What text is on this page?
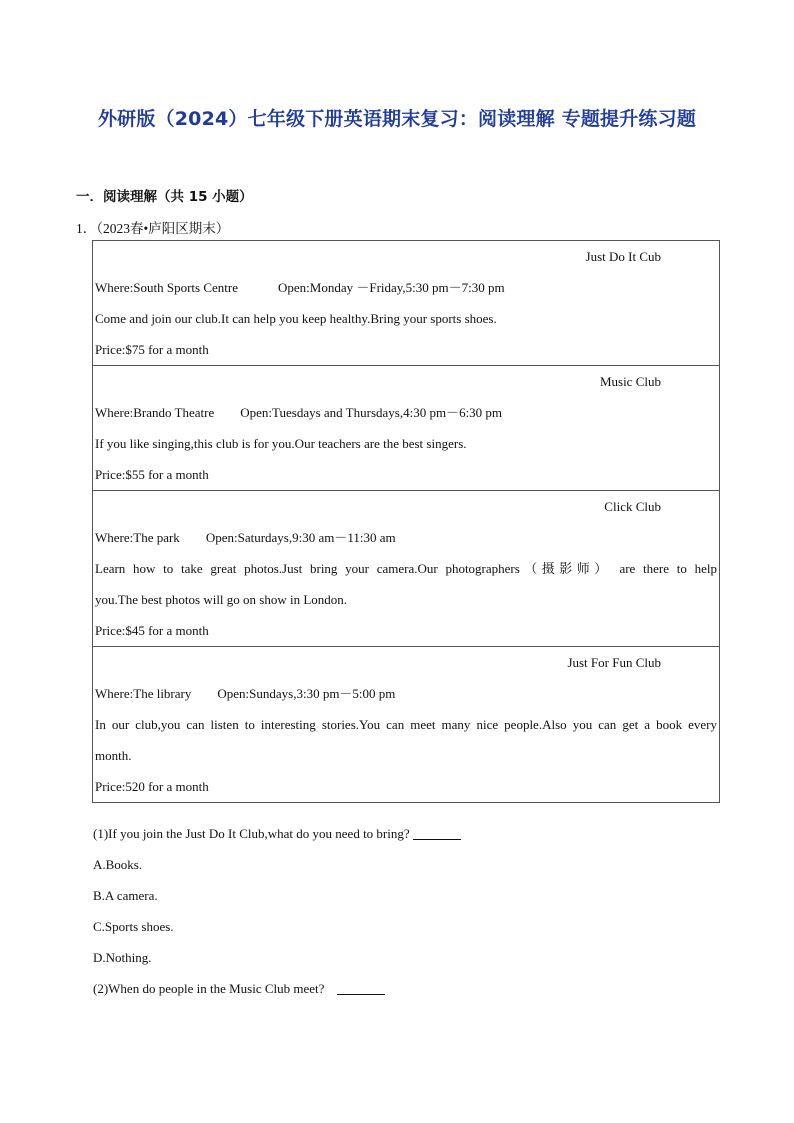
外研版（2024）七年级下册英语期末复习：阅读理解 专题提升练习题
一．阅读理解（共 15 小题）
1．（2023春•庐阳区期末）
Just Do It Cub
Where:South Sports Centre	Open:Monday －Friday,5:30 pm－7:30 pm
Come and join our club.It can help you keep healthy.Bring your sports shoes.
Price:$75 for a month

Music Club
Where:Brando Theatre Open:Tuesdays and Thursdays,4:30 pm－6:30 pm
If you like singing,this club is for you.Our teachers are the best singers.
Price:$55 for a month

Click Club
Where:The park Open:Saturdays,9:30 am－11:30 am
Learn how to take great photos.Just bring your camera.Our photographers（摄影师） are there to help
you.The best photos will go on show in London.
Price:$45 for a month

Just For Fun Club
Where:The library Open:Sundays,3:30 pm－5:00 pm
In our club,you can listen to interesting stories.You can meet many nice people.Also you can get a book every
month.
Price:520 for a month
(1)If you join the Just Do It Club,what do you need to bring?
A.Books.
B.A camera.
C.Sports shoes.
D.Nothing.
(2)When do people in the Music Club meet?
